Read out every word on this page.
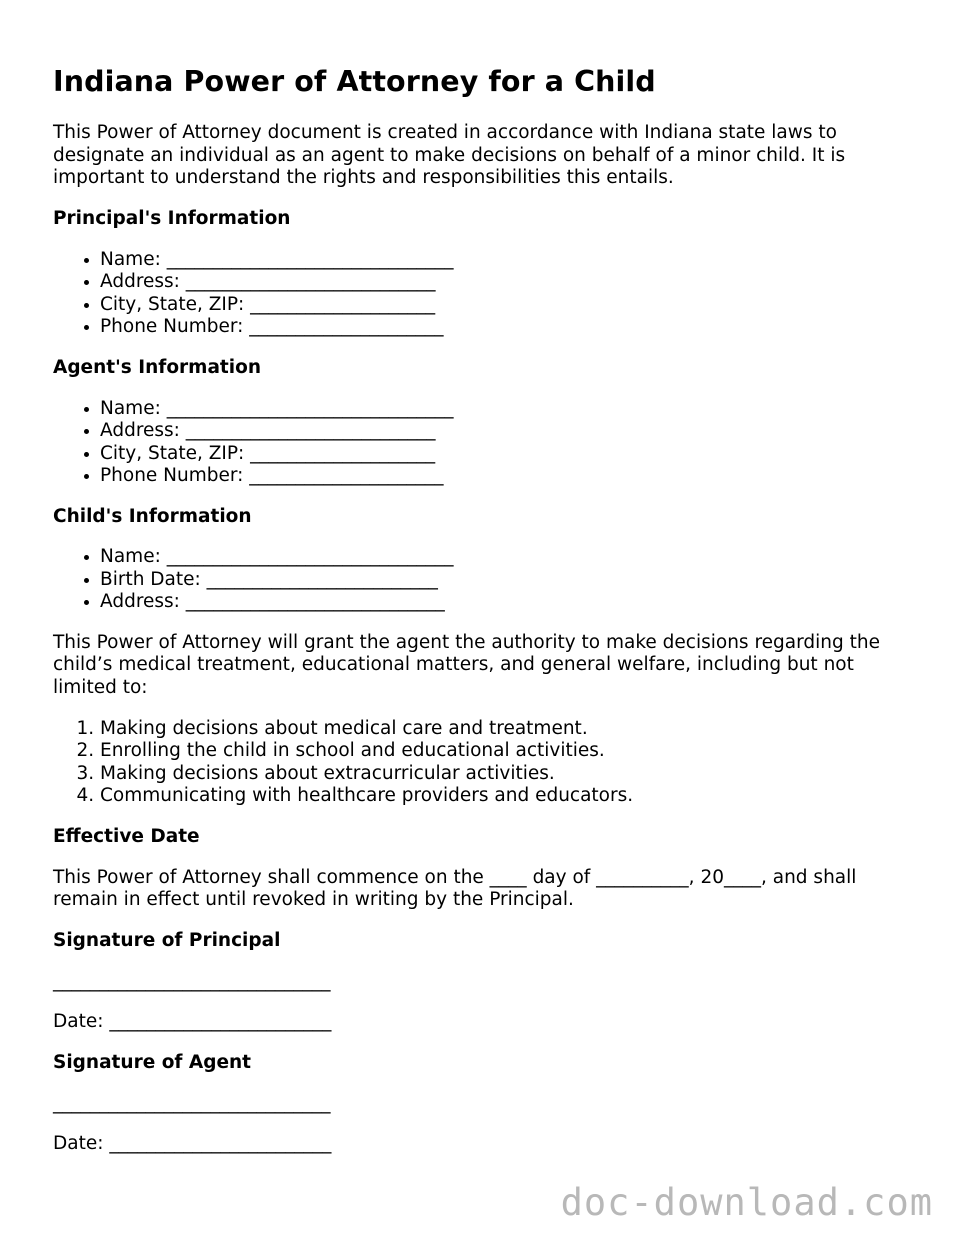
Indiana Power of Attorney for a Child

This Power of Attorney document is created in accordance with Indiana state laws to designate an individual as an agent to make decisions on behalf of a minor child. It is important to understand the rights and responsibilities this entails.

Principal's Information
• Name: _______________________________
• Address: ___________________________
• City, State, ZIP: ____________________
• Phone Number: _____________________
Agent's Information
• Name: _______________________________
• Address: ___________________________
• City, State, ZIP: ____________________
• Phone Number: _____________________
Child's Information
• Name: _______________________________
• Birth Date: _________________________
• Address: ____________________________

This Power of Attorney will grant the agent the authority to make decisions regarding the child’s medical treatment, educational matters, and general welfare, including but not limited to:

1. Making decisions about medical care and treatment.
2. Enrolling the child in school and educational activities.
3. Making decisions about extracurricular activities.
4. Communicating with healthcare providers and educators.
Effective Date

This Power of Attorney shall commence on the ____ day of __________, 20____, and shall remain in effect until revoked in writing by the Principal.

Signature of Principal
______________________________
Date: ________________________
Signature of Agent
______________________________
Date: ________________________
doc-download.com
